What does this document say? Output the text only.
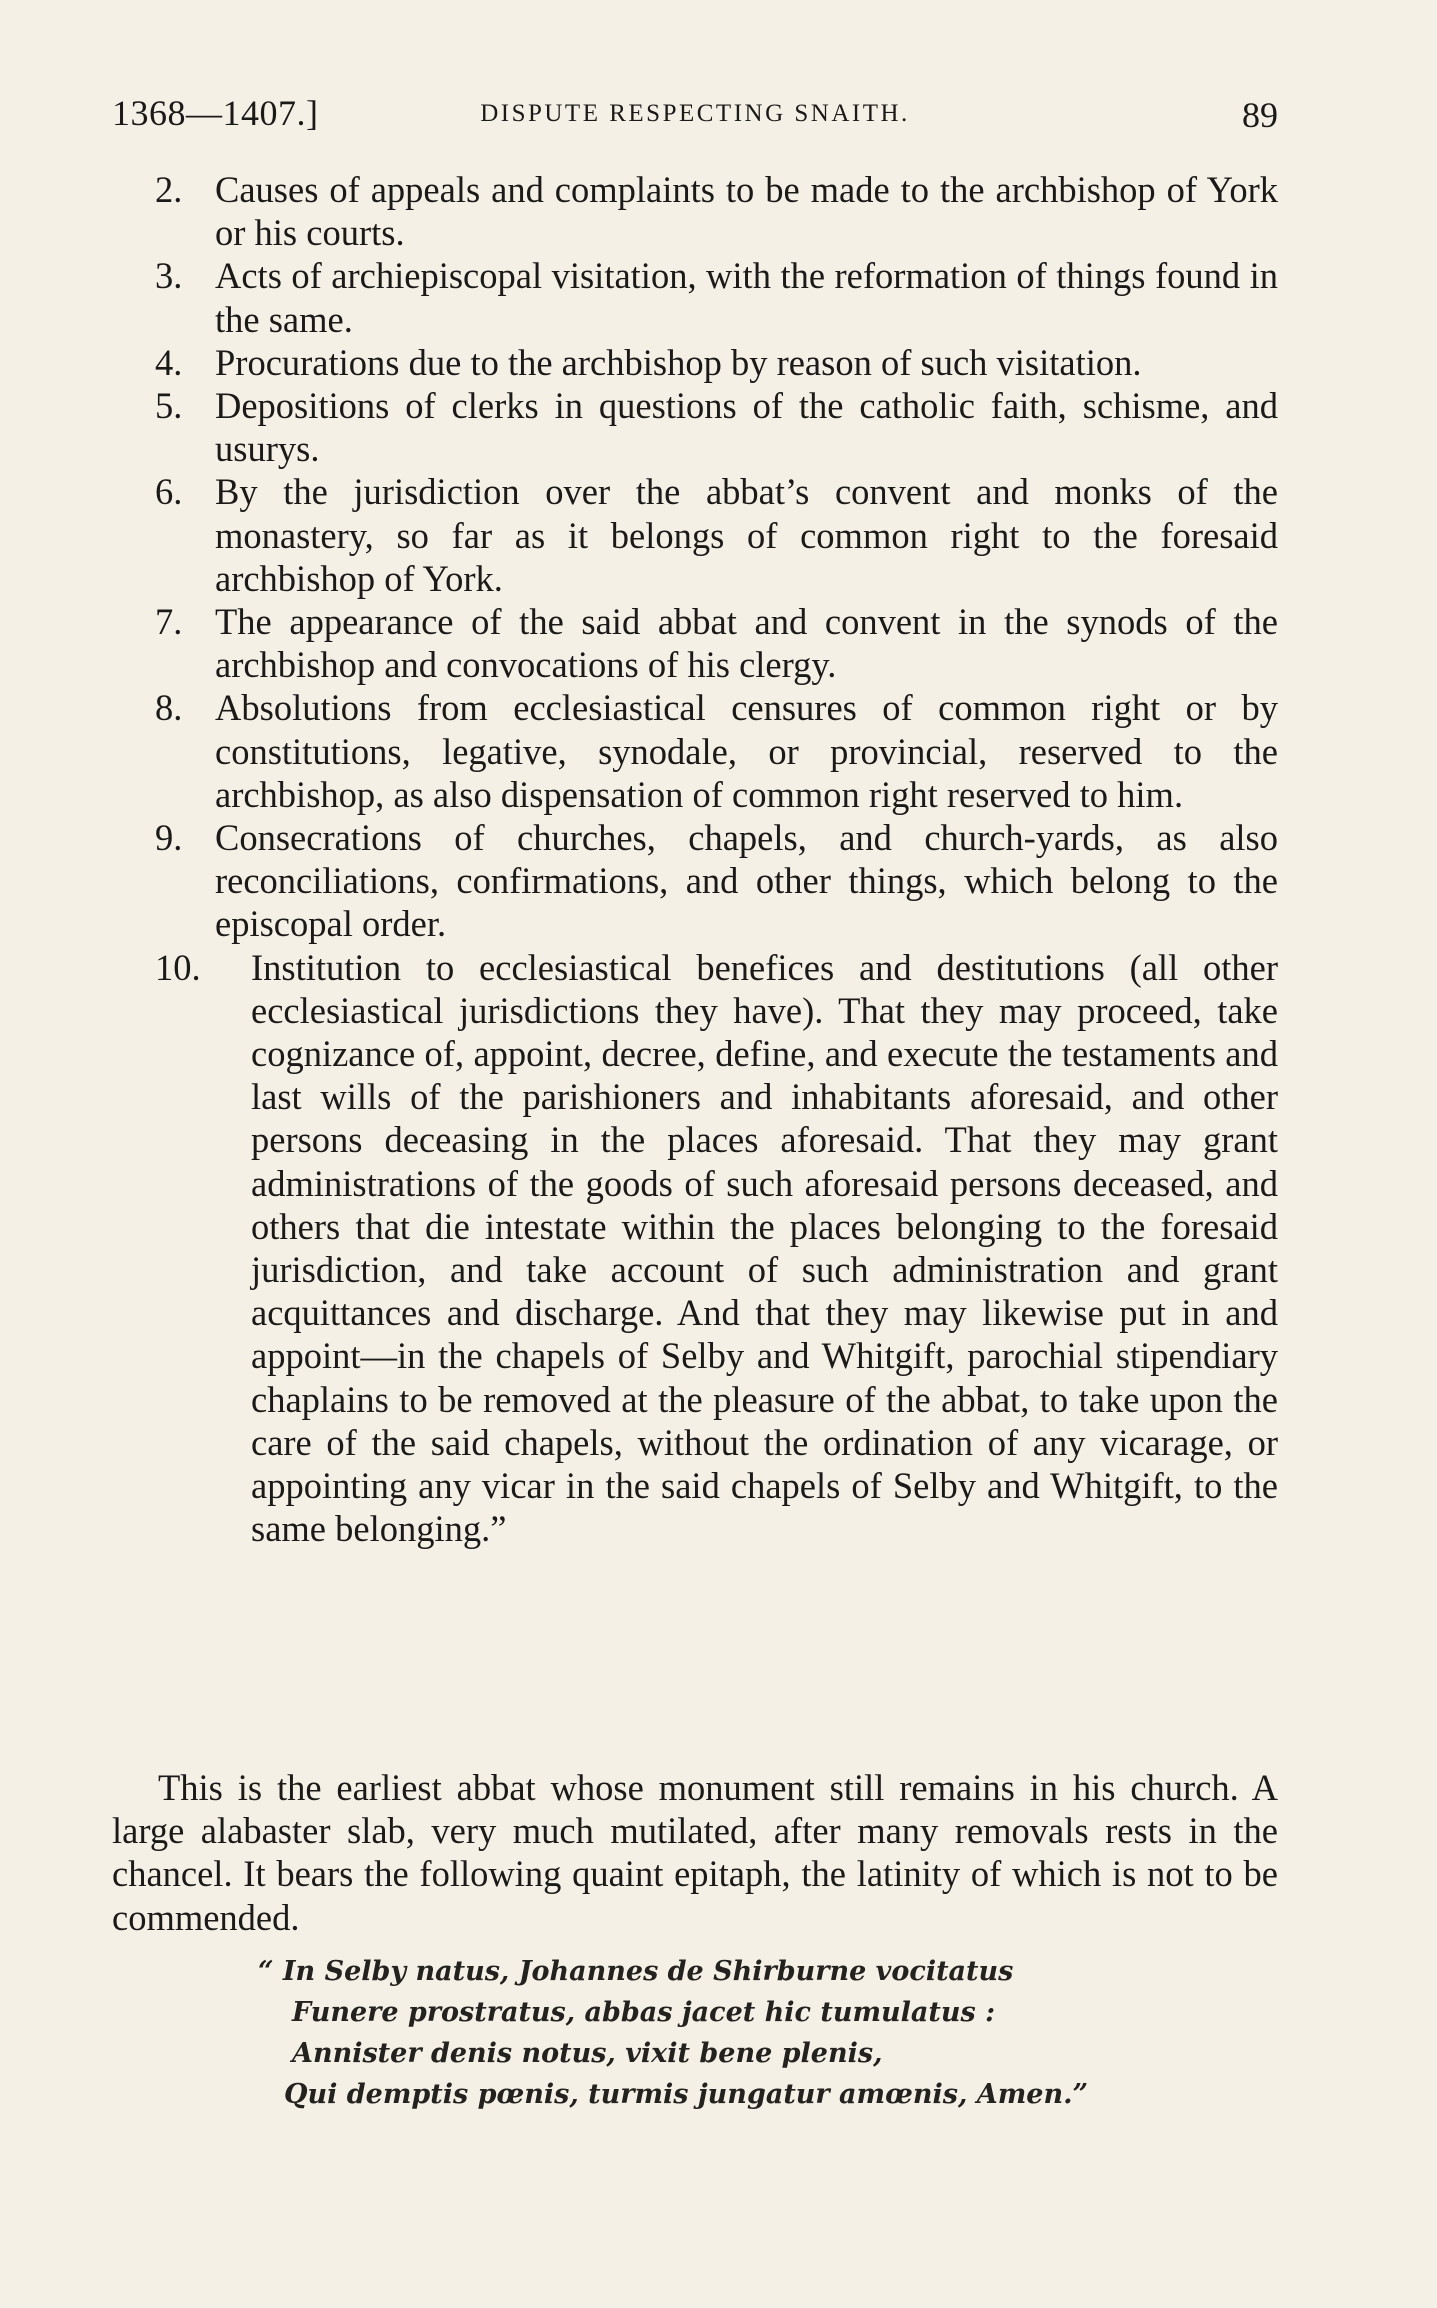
1368—1407.]	DISPUTE RESPECTING SNAITH.	89
2. Causes of appeals and complaints to be made to the archbishop of York or his courts.
3. Acts of archiepiscopal visitation, with the reformation of things found in the same.
4. Procurations due to the archbishop by reason of such visitation.
5. Depositions of clerks in questions of the catholic faith, schisme, and usurys.
6. By the jurisdiction over the abbat’s convent and monks of the monastery, so far as it belongs of common right to the foresaid archbishop of York.
7. The appearance of the said abbat and convent in the synods of the archbishop and convocations of his clergy.
8. Absolutions from ecclesiastical censures of common right or by constitutions, legative, synodale, or provincial, reserved to the archbishop, as also dispensation of common right reserved to him.
9. Consecrations of churches, chapels, and church-yards, as also reconciliations, confirmations, and other things, which belong to the episcopal order.
10. Institution to ecclesiastical benefices and destitutions (all other ecclesiastical jurisdictions they have). That they may proceed, take cognizance of, appoint, decree, define, and execute the testaments and last wills of the parishioners and inhabitants aforesaid, and other persons deceasing in the places aforesaid. That they may grant administrations of the goods of such aforesaid persons deceased, and others that die intestate within the places belonging to the foresaid jurisdiction, and take account of such administration and grant acquittances and discharge. And that they may likewise put in and appoint—in the chapels of Selby and Whitgift, parochial stipendiary chaplains to be removed at the pleasure of the abbat, to take upon the care of the said chapels, without the ordination of any vicarage, or appointing any vicar in the said chapels of Selby and Whitgift, to the same belonging.”

This is the earliest abbat whose monument still remains in his church. A large alabaster slab, very much mutilated, after many removals rests in the chancel. It bears the following quaint epitaph, the latinity of which is not to be commended.

“ In Selby natus, Johannes de Shirburne vocitatus
Funere prostratus, abbas jacet hic tumulatus :
Annister denis notus, vixit bene plenis,
Qui demptis pœnis, turmis jungatur amœnis, Amen.”
